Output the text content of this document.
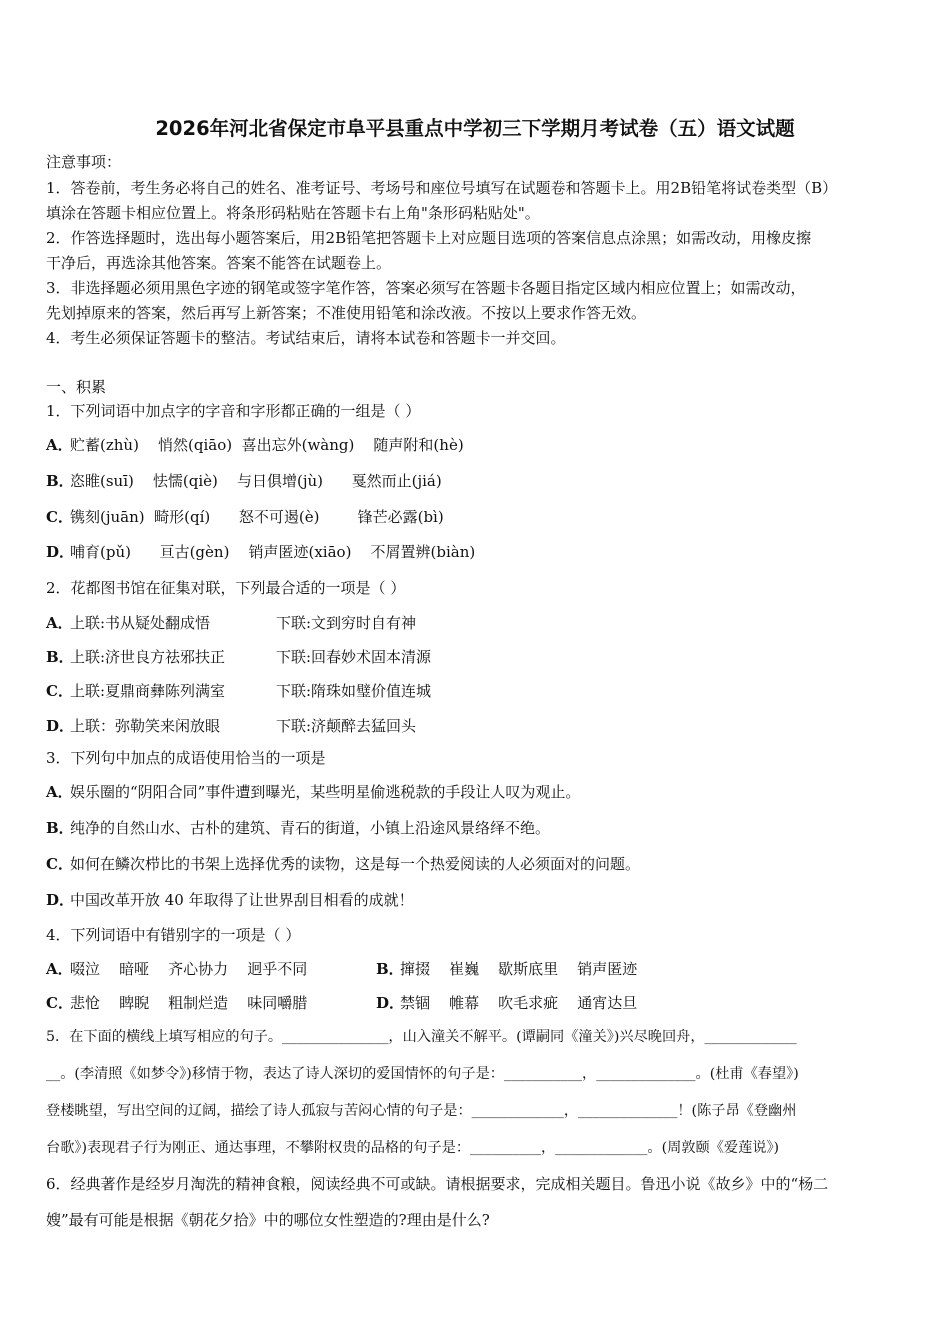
2026年河北省保定市阜平县重点中学初三下学期月考试卷（五）语文试题
注意事项：
1．答卷前，考生务必将自己的姓名、准考证号、考场号和座位号填写在试题卷和答题卡上。用2B铅笔将试卷类型（B）
填涂在答题卡相应位置上。将条形码粘贴在答题卡右上角"条形码粘贴处"。
2．作答选择题时，选出每小题答案后，用2B铅笔把答题卡上对应题目选项的答案信息点涂黑；如需改动，用橡皮擦
干净后，再选涂其他答案。答案不能答在试题卷上。
3．非选择题必须用黑色字迹的钢笔或签字笔作答，答案必须写在答题卡各题目指定区域内相应位置上；如需改动，
先划掉原来的答案，然后再写上新答案；不准使用铅笔和涂改液。不按以上要求作答无效。
4．考生必须保证答题卡的整洁。考试结束后，请将本试卷和答题卡一并交回。
一、积累
1．下列词语中加点字的字音和字形都正确的一组是（ ）
A．贮蓄(zhù)    悄然(qiāo)  喜出忘外(wàng)    随声附和(hè)
B．恣睢(suī)    怯懦(qiè)    与日俱增(jù)      戛然而止(jiá)
C．镌刻(juān)  畸形(qí)      怒不可遏(è)        锋芒必露(bì)
D．哺育(pǔ)      亘古(gèn)    销声匿迹(xiāo)    不屑置辨(biàn)
2．花都图书馆在征集对联，下列最合适的一项是（ ）
A．上联:书从疑处翻成悟	下联:文到穷时自有神
B．上联:济世良方祛邪扶正	下联:回春妙术固本清源
C．上联:夏鼎商彝陈列满室	下联:隋珠如璧价值连城
D．上联：弥勒笑来闲放眼	下联:济颠醉去猛回头
3．下列句中加点的成语使用恰当的一项是
A．娱乐圈的“阴阳合同”事件遭到曝光，某些明星偷逃税款的手段让人叹为观止。
B．纯净的自然山水、古朴的建筑、青石的街道，小镇上沿途风景络绎不绝。
C．如何在鳞次栉比的书架上选择优秀的读物，这是每一个热爱阅读的人必须面对的问题。
D．中国改革开放 40 年取得了让世界刮目相看的成就！
4．下列词语中有错别字的一项是（ ）
A．啜泣    暗哑    齐心协力    迥乎不同	B．撺掇    崔巍    歇斯底里    销声匿迹
C．悲怆    睥睨    粗制烂造    味同嚼腊	D．禁锢    帷幕    吹毛求疵    通宵达旦
5．在下面的横线上填写相应的句子。_______________，山入潼关不解平。(谭嗣同《潼关》)兴尽晚回舟，_____________
__。(李清照《如梦令》)移情于物，表达了诗人深切的爱国情怀的句子是：___________，______________。(杜甫《春望》)
登楼眺望，写出空间的辽阔，描绘了诗人孤寂与苦闷心情的句子是：_____________，______________！(陈子昂《登幽州
台歌》)表现君子行为刚正、通达事理，不攀附权贵的品格的句子是：__________，_____________。(周敦颐《爱莲说》)
6．经典著作是经岁月淘洗的精神食粮，阅读经典不可或缺。请根据要求，完成相关题目。鲁迅小说《故乡》中的“杨二
嫂”最有可能是根据《朝花夕拾》中的哪位女性塑造的?理由是什么?
